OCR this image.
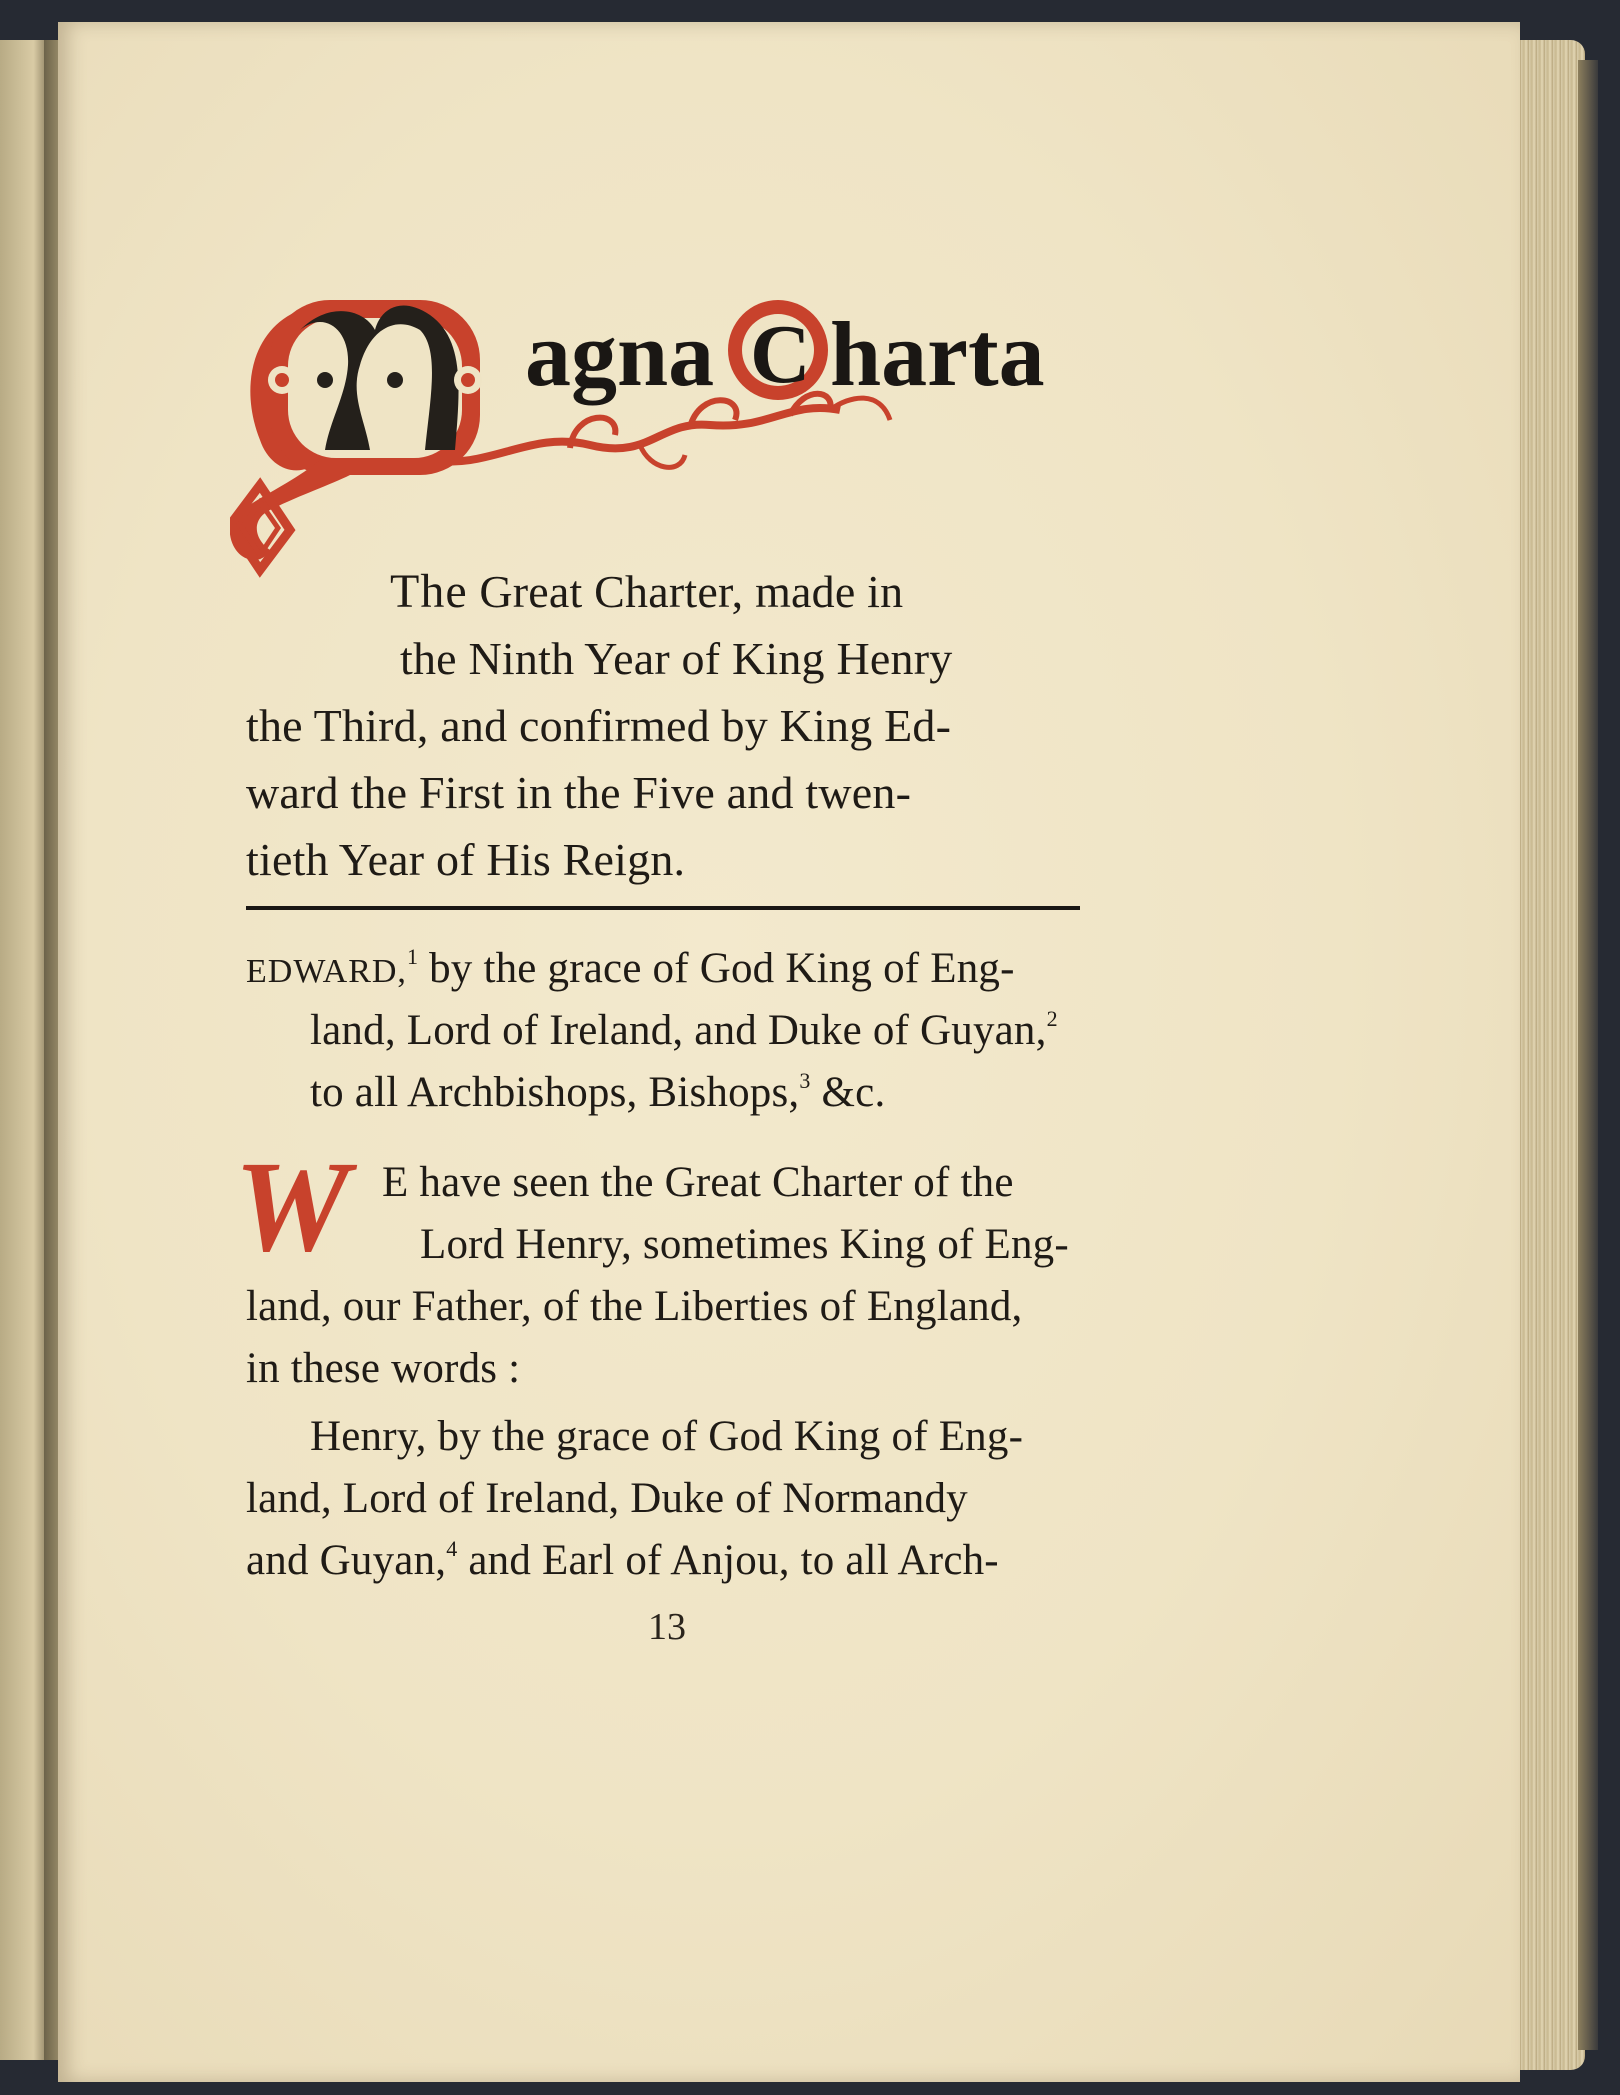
M agna C harta
The Great Charter, made in
the Ninth Year of King Henry
the Third, and confirmed by King Ed-
ward the First in the Five and twen-
tieth Year of His Reign.
EDWARD,$^1$ by the grace of God King of Eng-
land, Lord of Ireland, and Duke of Guyan,$^2$
to all Archbishops, Bishops,$^3$ &c.
W E have seen the Great Charter of the
Lord Henry, sometimes King of Eng-
land, our Father, of the Liberties of England,
in these words :
Henry, by the grace of God King of Eng-
land, Lord of Ireland, Duke of Normandy
and Guyan,$^4$ and Earl of Anjou, to all Arch-
13
